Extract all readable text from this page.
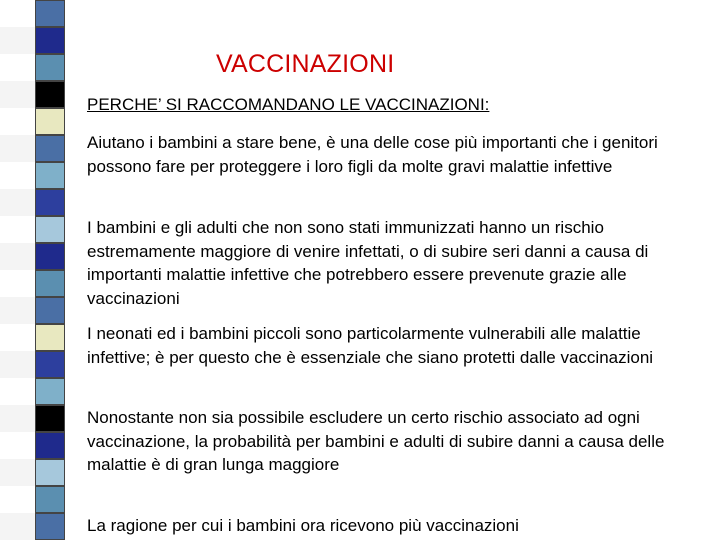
VACCINAZIONI
PERCHE’ SI RACCOMANDANO LE VACCINAZIONI:
Aiutano i bambini a stare bene, è una delle cose più importanti che i genitori possono fare per proteggere i loro figli da molte gravi malattie infettive
I bambini e gli adulti che non sono stati immunizzati hanno un rischio estremamente maggiore di venire infettati, o di subire seri danni a causa di importanti malattie infettive che potrebbero essere prevenute grazie alle vaccinazioni
I neonati ed i bambini piccoli sono particolarmente vulnerabili alle malattie infettive; è per questo che è essenziale che siano protetti dalle vaccinazioni
Nonostante non sia possibile escludere un certo rischio associato ad ogni vaccinazione, la probabilità per bambini e adulti di subire danni a causa delle malattie è di gran lunga maggiore
La ragione per cui i bambini ora ricevono più vaccinazioni
